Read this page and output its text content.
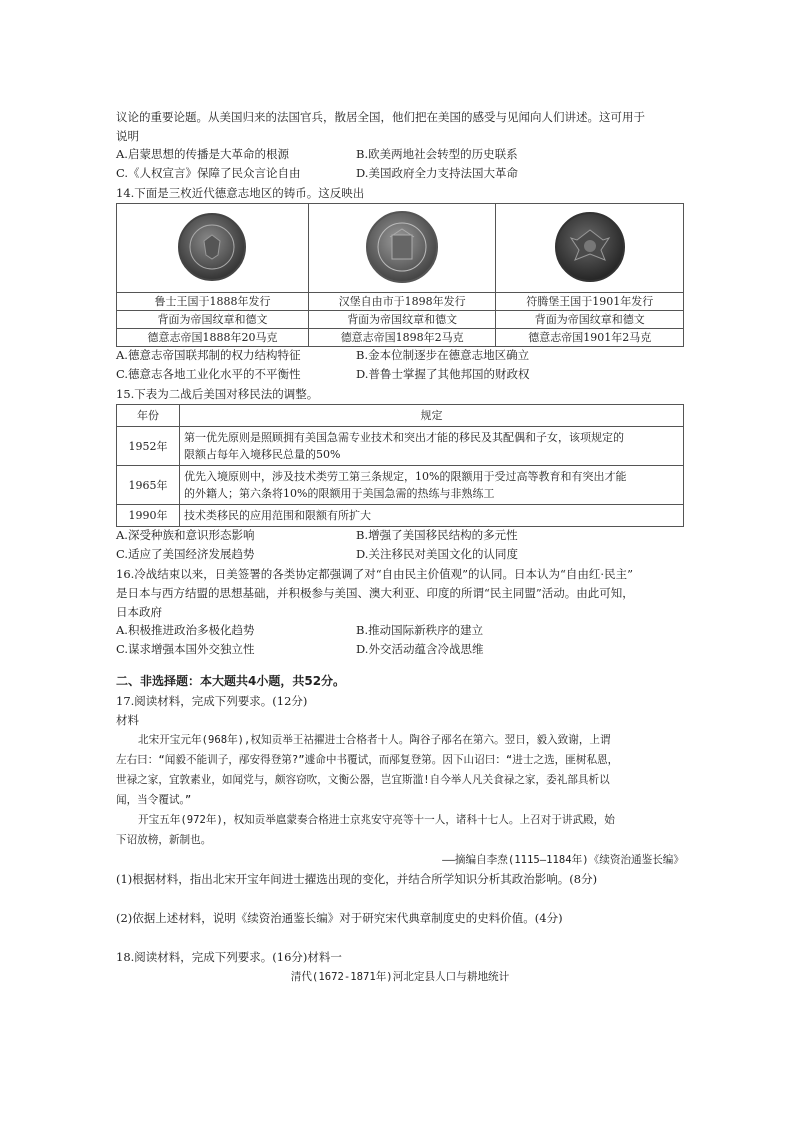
议论的重要论题。从美国归来的法国官兵，散居全国，他们把在美国的感受与见闻向人们讲述。这可用于
说明
A.启蒙思想的传播是大革命的根源	B.欧美两地社会转型的历史联系
C.《人权宣言》保障了民众言论自由	D.美国政府全力支持法国大革命
14.下面是三枚近代德意志地区的铸币。这反映出

鲁士王国于1888年发行	汉堡自由市于1898年发行	符腾堡王国于1901年发行
背面为帝国纹章和德文	背面为帝国纹章和德文	背面为帝国纹章和德文
德意志帝国1888年20马克	德意志帝国1898年2马克	德意志帝国1901年2马克
A.德意志帝国联邦制的权力结构特征	B.金本位制逐步在德意志地区确立
C.德意志各地工业化水平的不平衡性	D.普鲁士掌握了其他邦国的财政权
15.下表为二战后美国对移民法的调整。
年份	规定
1952年	第一优先原则是照顾拥有美国急需专业技术和突出才能的移民及其配偶和子女，该项规定的
限额占每年入境移民总量的50%

1965年	优先入境原则中，涉及技术类劳工第三条规定，10%的限额用于受过高等教育和有突出才能
的外籍人；第六条将10%的限额用于美国急需的热练与非熟练工

1990年	技术类移民的应用范围和限额有所扩大
A.深受种族和意识形态影响	B.增强了美国移民结构的多元性
C.适应了美国经济发展趋势	D.关注移民对美国文化的认同度
16.冷战结束以来，日美签署的各类协定都强调了对“自由民主价值观”的认同。日本认为“自由红·民主”
是日本与西方结盟的思想基础，并积极参与美国、澳大利亚、印度的所谓“民主同盟”活动。由此可知，
日本政府
A.积极推进政治多极化趋势	B.推动国际新秩序的建立
C.谋求增强本国外交独立性	D.外交活动蕴含冷战思维
二、非选择题：本大题共4小题，共52分。
17.阅读材料，完成下列要求。(12分)
材料
北宋开宝元年(968年),权知贡举王祜擢进士合格者十人。陶谷子邴名在第六。翌日，毅入致谢，上谓
左右曰：“闻毅不能训子，邴安得登第?”遽命中书覆试，而邴复登第。因下山诏曰：“进士之选，匪树私恩，
世禄之家，宜敦素业，如闻党与，颇容窃吹，文衡公器，岂宜斯滥!自今举人凡关食禄之家，委礼部具析以
闻，当令覆试。”
开宝五年(972年)，权知贡举扈蒙奏合格进士京兆安守亮等十一人，诸科十七人。上召对于讲武殿，始
下诏放榜，新制也。
——摘编自李焘(1115—1184年)《续资治通鉴长编》
(1)根据材料，指出北宋开宝年间进士擢选出现的变化，并结合所学知识分析其政治影响。(8分)
(2)依据上述材料，说明《续资治通鉴长编》对于研究宋代典章制度史的史料价值。(4分)
18.阅读材料，完成下列要求。(16分)材料一
清代(1672-1871年)河北定县人口与耕地统计
